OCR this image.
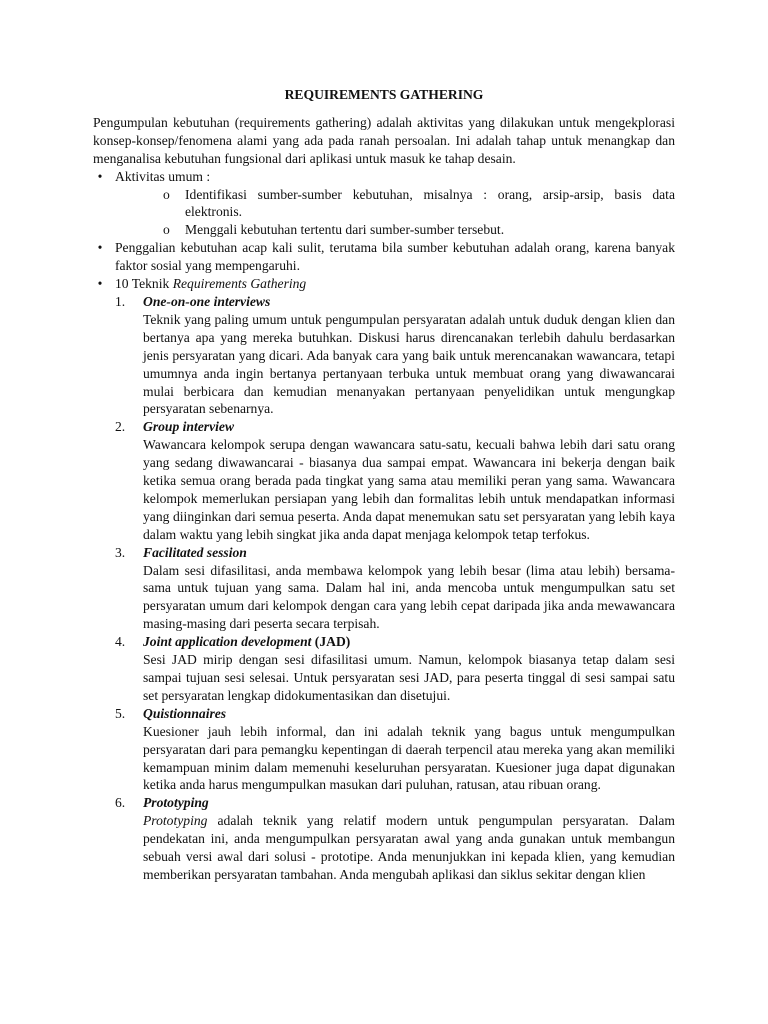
REQUIREMENTS GATHERING

Pengumpulan kebutuhan (requirements gathering) adalah aktivitas yang dilakukan untuk mengekplorasi konsep-konsep/fenomena alami yang ada pada ranah persoalan. Ini adalah tahap untuk menangkap dan menganalisa kebutuhan fungsional dari aplikasi untuk masuk ke tahap desain.

• Aktivitas umum :
o Identifikasi sumber-sumber kebutuhan, misalnya : orang, arsip-arsip, basis data elektronis.
o Menggali kebutuhan tertentu dari sumber-sumber tersebut.
• Penggalian kebutuhan acap kali sulit, terutama bila sumber kebutuhan adalah orang, karena banyak faktor sosial yang mempengaruhi.
• 10 Teknik Requirements Gathering
1. One-on-one interviews

Teknik yang paling umum untuk pengumpulan persyaratan adalah untuk duduk dengan klien dan bertanya apa yang mereka butuhkan. Diskusi harus direncanakan terlebih dahulu berdasarkan jenis persyaratan yang dicari. Ada banyak cara yang baik untuk merencanakan wawancara, tetapi umumnya anda ingin bertanya pertanyaan terbuka untuk membuat orang yang diwawancarai mulai berbicara dan kemudian menanyakan pertanyaan penyelidikan untuk mengungkap persyaratan sebenarnya.

2. Group interview

Wawancara kelompok serupa dengan wawancara satu-satu, kecuali bahwa lebih dari satu orang yang sedang diwawancarai - biasanya dua sampai empat. Wawancara ini bekerja dengan baik ketika semua orang berada pada tingkat yang sama atau memiliki peran yang sama. Wawancara kelompok memerlukan persiapan yang lebih dan formalitas lebih untuk mendapatkan informasi yang diinginkan dari semua peserta. Anda dapat menemukan satu set persyaratan yang lebih kaya dalam waktu yang lebih singkat jika anda dapat menjaga kelompok tetap terfokus.

3. Facilitated session

Dalam sesi difasilitasi, anda membawa kelompok yang lebih besar (lima atau lebih) bersama-sama untuk tujuan yang sama. Dalam hal ini, anda mencoba untuk mengumpulkan satu set persyaratan umum dari kelompok dengan cara yang lebih cepat daripada jika anda mewawancara masing-masing dari peserta secara terpisah.

4. Joint application development (JAD)

Sesi JAD mirip dengan sesi difasilitasi umum. Namun, kelompok biasanya tetap dalam sesi sampai tujuan sesi selesai. Untuk persyaratan sesi JAD, para peserta tinggal di sesi sampai satu set persyaratan lengkap didokumentasikan dan disetujui.

5. Quistionnaires

Kuesioner jauh lebih informal, dan ini adalah teknik yang bagus untuk mengumpulkan persyaratan dari para pemangku kepentingan di daerah terpencil atau mereka yang akan memiliki kemampuan minim dalam memenuhi keseluruhan persyaratan. Kuesioner juga dapat digunakan ketika anda harus mengumpulkan masukan dari puluhan, ratusan, atau ribuan orang.

6. Prototyping

Prototyping adalah teknik yang relatif modern untuk pengumpulan persyaratan. Dalam pendekatan ini, anda mengumpulkan persyaratan awal yang anda gunakan untuk membangun sebuah versi awal dari solusi - prototipe. Anda menunjukkan ini kepada klien, yang kemudian memberikan persyaratan tambahan. Anda mengubah aplikasi dan siklus sekitar dengan klien
